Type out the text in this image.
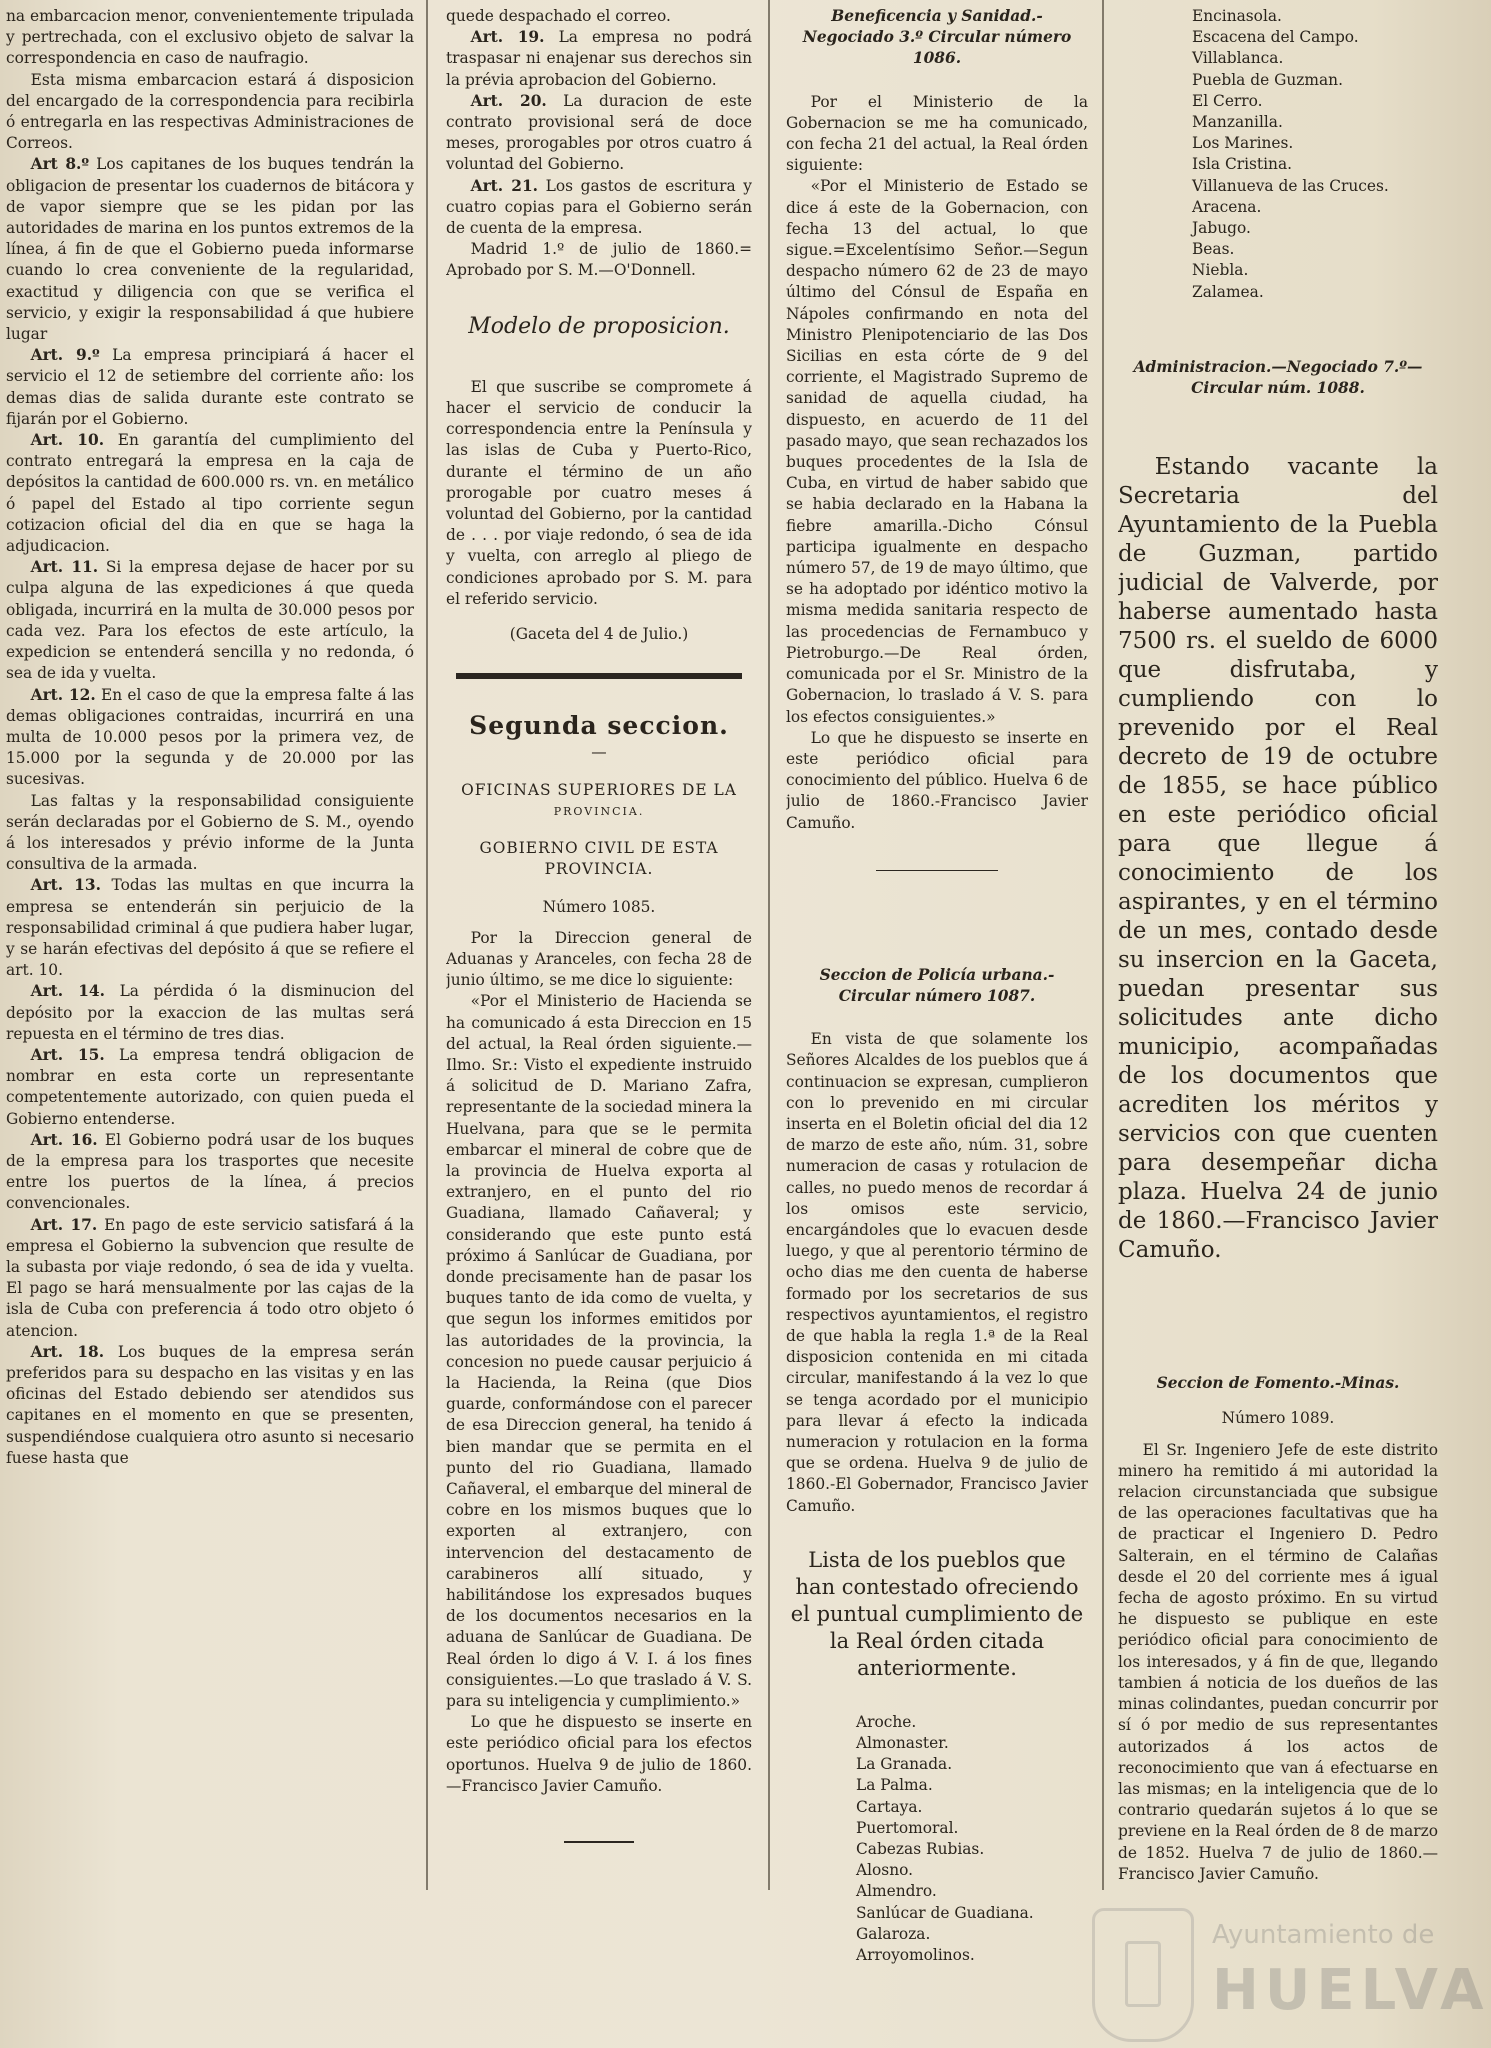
na embarcacion menor, convenientemente tripulada y pertrechada, con el exclusivo objeto de salvar la correspondencia en caso de naufragio.

Esta misma embarcacion estará á disposicion del encargado de la correspondencia para recibirla ó entregarla en las respectivas Administraciones de Correos.

Art 8.º Los capitanes de los buques tendrán la obligacion de presentar los cuadernos de bitácora y de vapor siempre que se les pidan por las autoridades de marina en los puntos extremos de la línea, á fin de que el Gobierno pueda informarse cuando lo crea conveniente de la regularidad, exactitud y diligencia con que se verifica el servicio, y exigir la responsabilidad á que hubiere lugar

Art. 9.º La empresa principiará á hacer el servicio el 12 de setiembre del corriente año: los demas dias de salida durante este contrato se fijarán por el Gobierno.

Art. 10. En garantía del cumplimiento del contrato entregará la empresa en la caja de depósitos la cantidad de 600.000 rs. vn. en metálico ó papel del Estado al tipo corriente segun cotizacion oficial del dia en que se haga la adjudicacion.

Art. 11. Si la empresa dejase de hacer por su culpa alguna de las expediciones á que queda obligada, incurrirá en la multa de 30.000 pesos por cada vez. Para los efectos de este artículo, la expedicion se entenderá sencilla y no redonda, ó sea de ida y vuelta.

Art. 12. En el caso de que la empresa falte á las demas obligaciones contraidas, incurrirá en una multa de 10.000 pesos por la primera vez, de 15.000 por la segunda y de 20.000 por las sucesivas.

Las faltas y la responsabilidad consiguiente serán declaradas por el Gobierno de S. M., oyendo á los interesados y prévio informe de la Junta consultiva de la armada.

Art. 13. Todas las multas en que incurra la empresa se entenderán sin perjuicio de la responsabilidad criminal á que pudiera haber lugar, y se harán efectivas del depósito á que se refiere el art. 10.

Art. 14. La pérdida ó la disminucion del depósito por la exaccion de las multas será repuesta en el término de tres dias.

Art. 15. La empresa tendrá obligacion de nombrar en esta corte un representante competentemente autorizado, con quien pueda el Gobierno entenderse.

Art. 16. El Gobierno podrá usar de los buques de la empresa para los trasportes que necesite entre los puertos de la línea, á precios convencionales.

Art. 17. En pago de este servicio satisfará á la empresa el Gobierno la subvencion que resulte de la subasta por viaje redondo, ó sea de ida y vuelta. El pago se hará mensualmente por las cajas de la isla de Cuba con preferencia á todo otro objeto ó atencion.

Art. 18. Los buques de la empresa serán preferidos para su despacho en las visitas y en las oficinas del Estado debiendo ser atendidos sus capitanes en el momento en que se presenten, suspendiéndose cualquiera otro asunto si necesario fuese hasta que

quede despachado el correo.

Art. 19. La empresa no podrá traspasar ni enajenar sus derechos sin la prévia aprobacion del Gobierno.

Art. 20. La duracion de este contrato provisional será de doce meses, prorogables por otros cuatro á voluntad del Gobierno.

Art. 21. Los gastos de escritura y cuatro copias para el Gobierno serán de cuenta de la empresa.

Madrid 1.º de julio de 1860.= Aprobado por S. M.—O'Donnell.

Modelo de proposicion.

El que suscribe se compromete á hacer el servicio de conducir la correspondencia entre la Península y las islas de Cuba y Puerto-Rico, durante el término de un año prorogable por cuatro meses á voluntad del Gobierno, por la cantidad de . . . por viaje redondo, ó sea de ida y vuelta, con arreglo al pliego de condiciones aprobado por S. M. para el referido servicio.

(Gaceta del 4 de Julio.)

Segunda seccion.

—

OFICINAS SUPERIORES DE LA

PROVINCIA.

GOBIERNO CIVIL DE ESTA PROVINCIA.

Número 1085.

Por la Direccion general de Aduanas y Aranceles, con fecha 28 de junio último, se me dice lo siguiente:

«Por el Ministerio de Hacienda se ha comunicado á esta Direccion en 15 del actual, la Real órden siguiente.— Ilmo. Sr.: Visto el expediente instruido á solicitud de D. Mariano Zafra, representante de la sociedad minera la Huelvana, para que se le permita embarcar el mineral de cobre que de la provincia de Huelva exporta al extranjero, en el punto del rio Guadiana, llamado Cañaveral; y considerando que este punto está próximo á Sanlúcar de Guadiana, por donde precisamente han de pasar los buques tanto de ida como de vuelta, y que segun los informes emitidos por las autoridades de la provincia, la concesion no puede causar perjuicio á la Hacienda, la Reina (que Dios guarde, conformándose con el parecer de esa Direccion general, ha tenido á bien mandar que se permita en el punto del rio Guadiana, llamado Cañaveral, el embarque del mineral de cobre en los mismos buques que lo exporten al extranjero, con intervencion del destacamento de carabineros allí situado, y habilitándose los expresados buques de los documentos necesarios en la aduana de Sanlúcar de Guadiana. De Real órden lo digo á V. I. á los fines consiguientes.—Lo que traslado á V. S. para su inteligencia y cumplimiento.»

Lo que he dispuesto se inserte en este periódico oficial para los efectos oportunos. Huelva 9 de julio de 1860. —Francisco Javier Camuño.

Beneficencia y Sanidad.-Negociado 3.º Circular número 1086.

Por el Ministerio de la Gobernacion se me ha comunicado, con fecha 21 del actual, la Real órden siguiente:

«Por el Ministerio de Estado se dice á este de la Gobernacion, con fecha 13 del actual, lo que sigue.=Excelentísimo Señor.—Segun despacho número 62 de 23 de mayo último del Cónsul de España en Nápoles confirmando en nota del Ministro Plenipotenciario de las Dos Sicilias en esta córte de 9 del corriente, el Magistrado Supremo de sanidad de aquella ciudad, ha dispuesto, en acuerdo de 11 del pasado mayo, que sean rechazados los buques procedentes de la Isla de Cuba, en virtud de haber sabido que se habia declarado en la Habana la fiebre amarilla.-Dicho Cónsul participa igualmente en despacho número 57, de 19 de mayo último, que se ha adoptado por idéntico motivo la misma medida sanitaria respecto de las procedencias de Fernambuco y Pietroburgo.—De Real órden, comunicada por el Sr. Ministro de la Gobernacion, lo traslado á V. S. para los efectos consiguientes.»

Lo que he dispuesto se inserte en este periódico oficial para conocimiento del público. Huelva 6 de julio de 1860.-Francisco Javier Camuño.

Seccion de Policía urbana.-Circular número 1087.

En vista de que solamente los Señores Alcaldes de los pueblos que á continuacion se expresan, cumplieron con lo prevenido en mi circular inserta en el Boletin oficial del dia 12 de marzo de este año, núm. 31, sobre numeracion de casas y rotulacion de calles, no puedo menos de recordar á los omisos este servicio, encargándoles que lo evacuen desde luego, y que al perentorio término de ocho dias me den cuenta de haberse formado por los secretarios de sus respectivos ayuntamientos, el registro de que habla la regla 1.ª de la Real disposicion contenida en mi citada circular, manifestando á la vez lo que se tenga acordado por el municipio para llevar á efecto la indicada numeracion y rotulacion en la forma que se ordena. Huelva 9 de julio de 1860.-El Gobernador, Francisco Javier Camuño.

Lista de los pueblos que han contestado ofreciendo el puntual cumplimiento de la Real órden citada anteriormente.

Aroche.
Almonaster.
La Granada.
La Palma.
Cartaya.
Puertomoral.
Cabezas Rubias.
Alosno.
Almendro.
Sanlúcar de Guadiana.
Galaroza.
Arroyomolinos.
Encinasola.
Escacena del Campo.
Villablanca.
Puebla de Guzman.
El Cerro.
Manzanilla.
Los Marines.
Isla Cristina.
Villanueva de las Cruces.
Aracena.
Jabugo.
Beas.
Niebla.
Zalamea.

Administracion.—Negociado 7.º—Circular núm. 1088.

Estando vacante la Secretaria del Ayuntamiento de la Puebla de Guzman, partido judicial de Valverde, por haberse aumentado hasta 7500 rs. el sueldo de 6000 que disfrutaba, y cumpliendo con lo prevenido por el Real decreto de 19 de octubre de 1855, se hace público en este periódico oficial para que llegue á conocimiento de los aspirantes, y en el término de un mes, contado desde su insercion en la Gaceta, puedan presentar sus solicitudes ante dicho municipio, acompañadas de los documentos que acrediten los méritos y servicios con que cuenten para desempeñar dicha plaza. Huelva 24 de junio de 1860.—Francisco Javier Camuño.

Seccion de Fomento.-Minas.

Número 1089.

El Sr. Ingeniero Jefe de este distrito minero ha remitido á mi autoridad la relacion circunstanciada que subsigue de las operaciones facultativas que ha de practicar el Ingeniero D. Pedro Salterain, en el término de Calañas desde el 20 del corriente mes á igual fecha de agosto próximo. En su virtud he dispuesto se publique en este periódico oficial para conocimiento de los interesados, y á fin de que, llegando tambien á noticia de los dueños de las minas colindantes, puedan concurrir por sí ó por medio de sus representantes autorizados á los actos de reconocimiento que van á efectuarse en las mismas; en la inteligencia que de lo contrario quedarán sujetos á lo que se previene en la Real órden de 8 de marzo de 1852. Huelva 7 de julio de 1860.—Francisco Javier Camuño.

Ayuntamiento de
HUELVA
